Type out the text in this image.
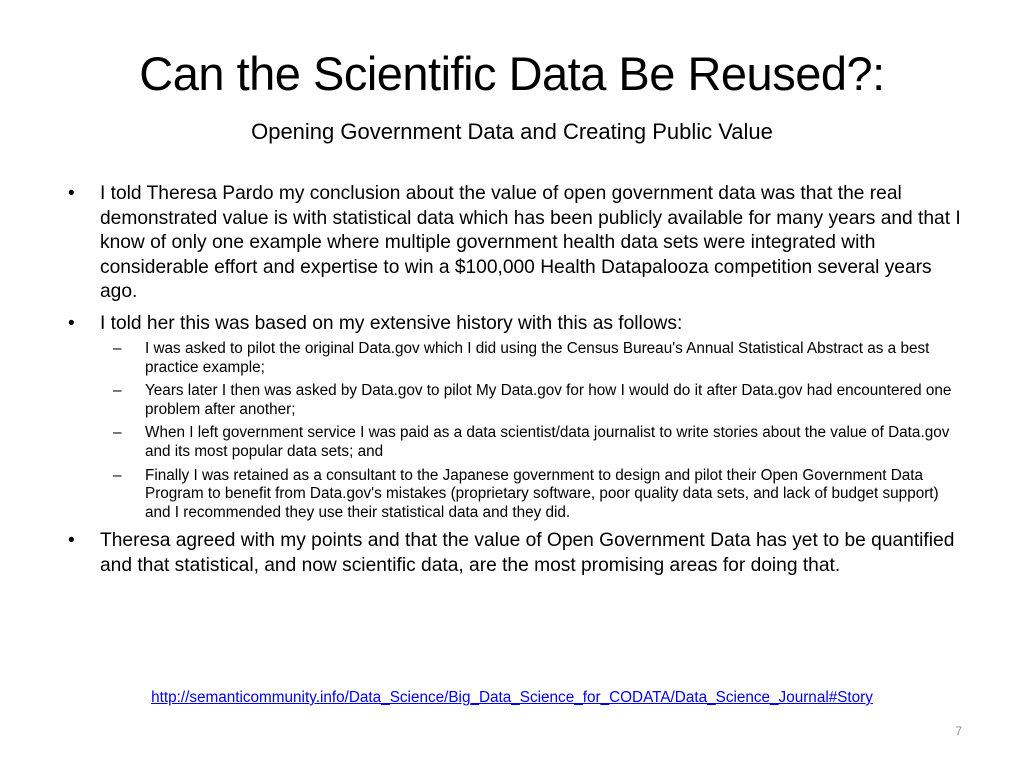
Can the Scientific Data Be Reused?:
Opening Government Data and Creating Public Value
• I told Theresa Pardo my conclusion about the value of open government data was that the real demonstrated value is with statistical data which has been publicly available for many years and that I know of only one example where multiple government health data sets were integrated with considerable effort and expertise to win a $100,000 Health Datapalooza competition several years ago.
• I told her this was based on my extensive history with this as follows:
– I was asked to pilot the original Data.gov which I did using the Census Bureau's Annual Statistical Abstract as a best practice example;
– Years later I then was asked by Data.gov to pilot My Data.gov for how I would do it after Data.gov had encountered one problem after another;
– When I left government service I was paid as a data scientist/data journalist to write stories about the value of Data.gov and its most popular data sets; and
– Finally I was retained as a consultant to the Japanese government to design and pilot their Open Government Data Program to benefit from Data.gov's mistakes (proprietary software, poor quality data sets, and lack of budget support) and I recommended they use their statistical data and they did.
• Theresa agreed with my points and that the value of Open Government Data has yet to be quantified and that statistical, and now scientific data, are the most promising areas for doing that.
http://semanticommunity.info/Data_Science/Big_Data_Science_for_CODATA/Data_Science_Journal#Story
7
